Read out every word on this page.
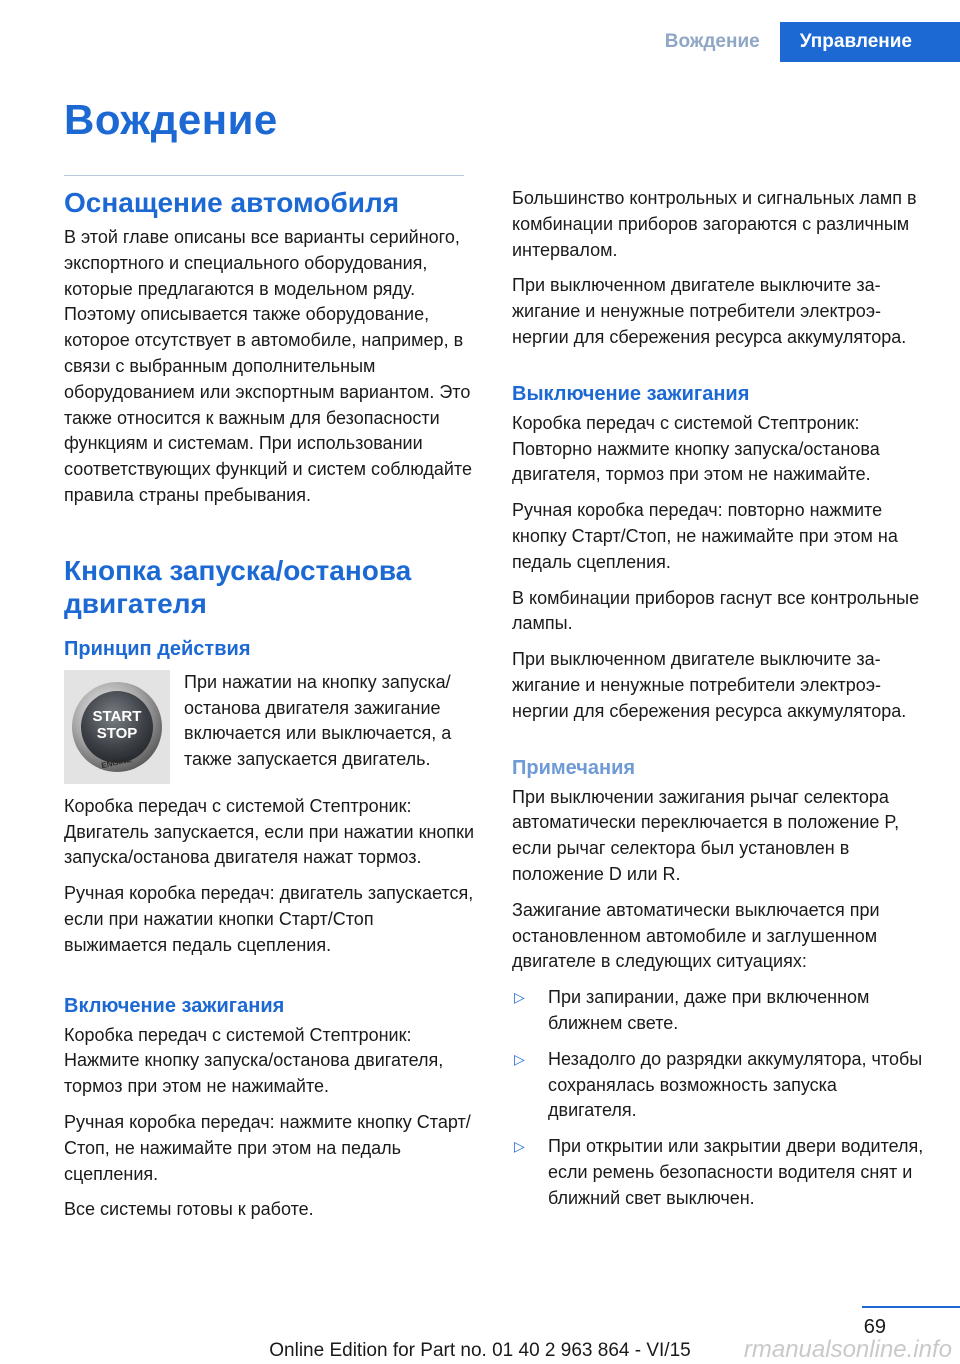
Вождение	Управление
Вождение
Оснащение автомобиля

В этой главе описаны все варианты серийного, экспортного и специального оборудования, которые предлагаются в модельном ряду. Поэтому описывается также оборудование, которое отсутствует в автомобиле, например, в связи с выбранным дополнительным оборудованием или экспортным вариантом. Это также относится к важным для безопасности функциям и системам. При использовании соответствующих функций и систем соблюдайте правила страны пребывания.

Кнопка запуска/останова двигателя
Принцип действия
START
STOP
ENGINE

При нажатии на кнопку запуска/останова двигателя зажигание включается или выключается, а также запускается двигатель.

Коробка передач с системой Стептроник: Двигатель запускается, если при нажатии кнопки запуска/останова двигателя нажат тормоз.

Ручная коробка передач: двигатель запускается, если при нажатии кнопки Старт/Стоп выжимается педаль сцепления.

Включение зажигания

Коробка передач с системой Стептроник: Нажмите кнопку запуска/останова двигателя, тормоз при этом не нажимайте.

Ручная коробка передач: нажмите кнопку Старт/Стоп, не нажимайте при этом на педаль сцепления.

Все системы готовы к работе.

Большинство контрольных и сигнальных ламп в комбинации приборов загораются с различным интервалом.

При выключенном двигателе выключите зажигание и ненужные потребители электроэнергии для сбережения ресурса аккумулятора.

Выключение зажигания

Коробка передач с системой Стептроник: Повторно нажмите кнопку запуска/останова двигателя, тормоз при этом не нажимайте.

Ручная коробка передач: повторно нажмите кнопку Старт/Стоп, не нажимайте при этом на педаль сцепления.

В комбинации приборов гаснут все контрольные лампы.

При выключенном двигателе выключите зажигание и ненужные потребители электроэнергии для сбережения ресурса аккумулятора.

Примечания

При выключении зажигания рычаг селектора автоматически переключается в положение P, если рычаг селектора был установлен в положение D или R.

Зажигание автоматически выключается при остановленном автомобиле и заглушенном двигателе в следующих ситуациях:

▷	При запирании, даже при включенном ближнем свете.
▷	Незадолго до разрядки аккумулятора, чтобы сохранялась возможность запуска двигателя.
▷	При открытии или закрытии двери водителя, если ремень безопасности водителя снят и ближний свет выключен.
69
Online Edition for Part no. 01 40 2 963 864 - VI/15	rmanualsonline.info
